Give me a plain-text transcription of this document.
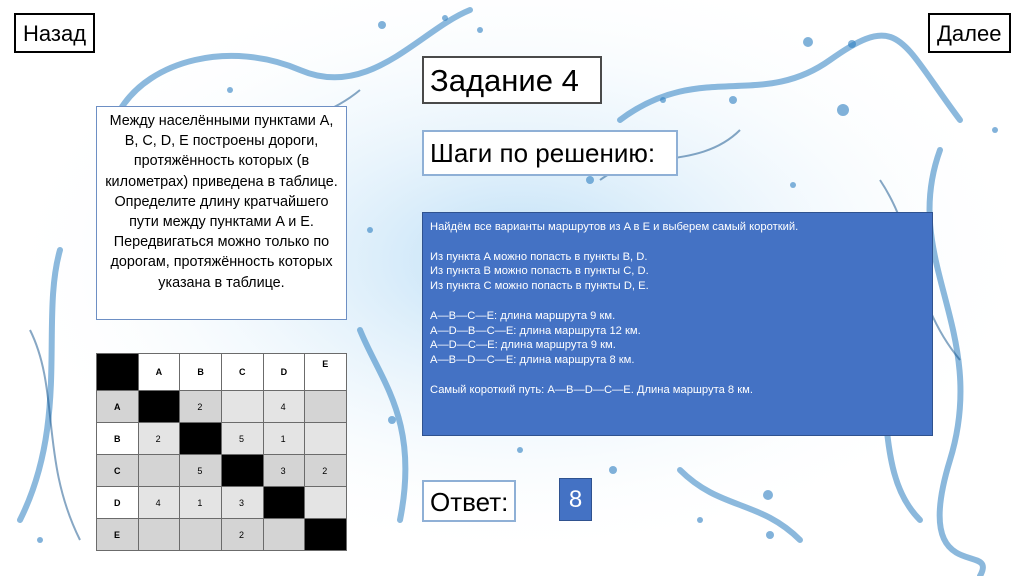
Назад	Далее
Задание 4

Между населёнными пунктами A, B, C, D, E построены дороги, протяжённость которых (в километрах) приведена в таблице.

Определите длину кратчайшего пути между пунктами A и E.

Передвигаться можно только по дорогам, протяжённость которых указана в таблице.

Шаги по решению:
Найдём все варианты маршрутов из A в E и выберем самый короткий.
Из пункта A можно попасть в пункты B, D.
Из пункта B можно попасть в пункты C, D.
Из пункта C можно попасть в пункты D, E.
A—B—C—E: длина маршрута 9 км.
A—D—B—C—E: длина маршрута 12 км.
A—D—C—E: длина маршрута 9 км.
A—B—D—C—E: длина маршрута 8 км.
Самый короткий путь: A—B—D—C—E. Длина маршрута 8 км.
Ответ:	8
	A	B	C	D	E
A		2		4	
B	2		5	1	
C		5		3	2
D	4	1	3		
E			2		
